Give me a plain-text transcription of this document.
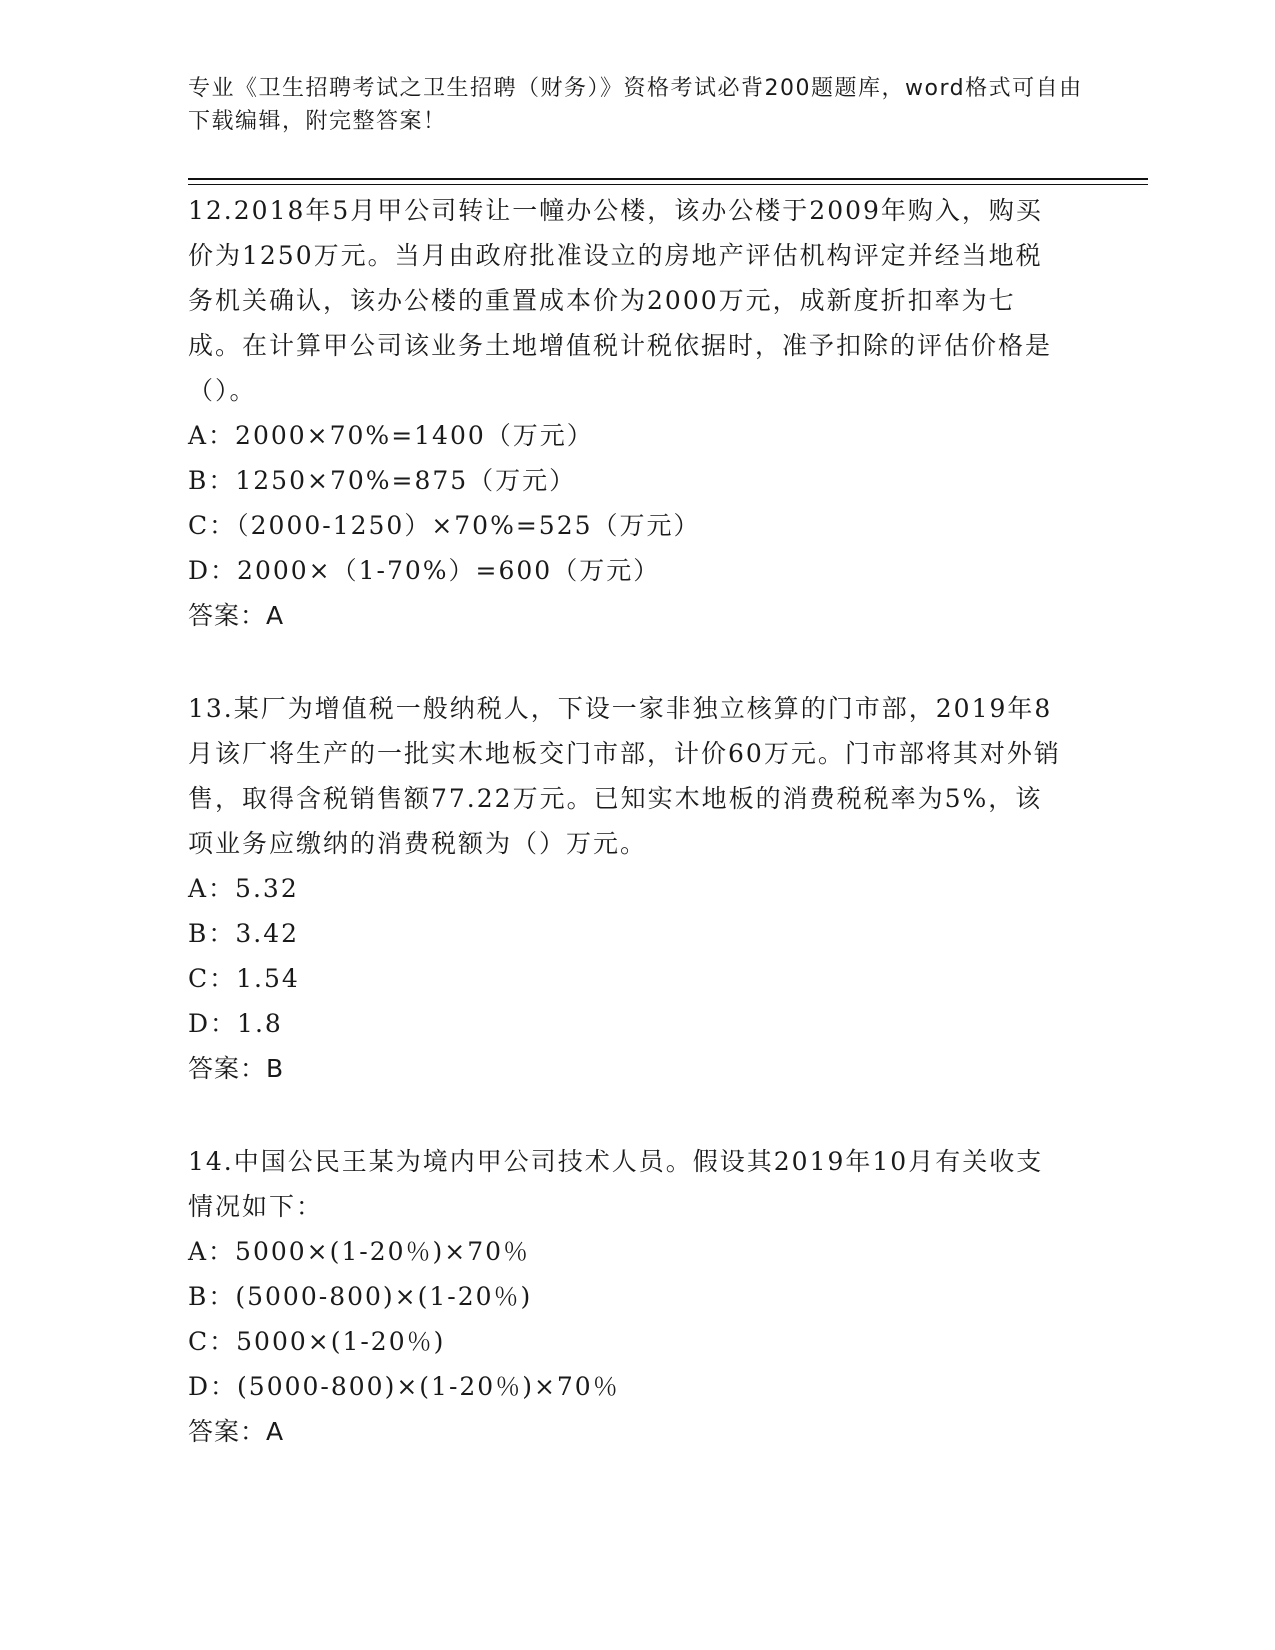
专业《卫生招聘考试之卫生招聘（财务）》资格考试必背200题题库，word格式可自由下载编辑，附完整答案！

12.2018年5月甲公司转让一幢办公楼，该办公楼于2009年购入，购买价为1250万元。当月由政府批准设立的房地产评估机构评定并经当地税务机关确认，该办公楼的重置成本价为2000万元，成新度折扣率为七成。在计算甲公司该业务土地增值税计税依据时，准予扣除的评估价格是（）。

A：2000×70%=1400（万元）

B：1250×70%=875（万元）

C：（2000-1250）×70%=525（万元）

D：2000×（1-70%）=600（万元）

答案：A

13.某厂为增值税一般纳税人，下设一家非独立核算的门市部，2019年8月该厂将生产的一批实木地板交门市部，计价60万元。门市部将其对外销售，取得含税销售额77.22万元。已知实木地板的消费税税率为5%，该项业务应缴纳的消费税额为（）万元。

A：5.32

B：3.42

C：1.54

D：1.8

答案：B

14.中国公民王某为境内甲公司技术人员。假设其2019年10月有关收支情况如下：

A：5000×(1-20％)×70％

B：(5000-800)×(1-20％)

C：5000×(1-20％)

D：(5000-800)×(1-20％)×70％

答案：A
